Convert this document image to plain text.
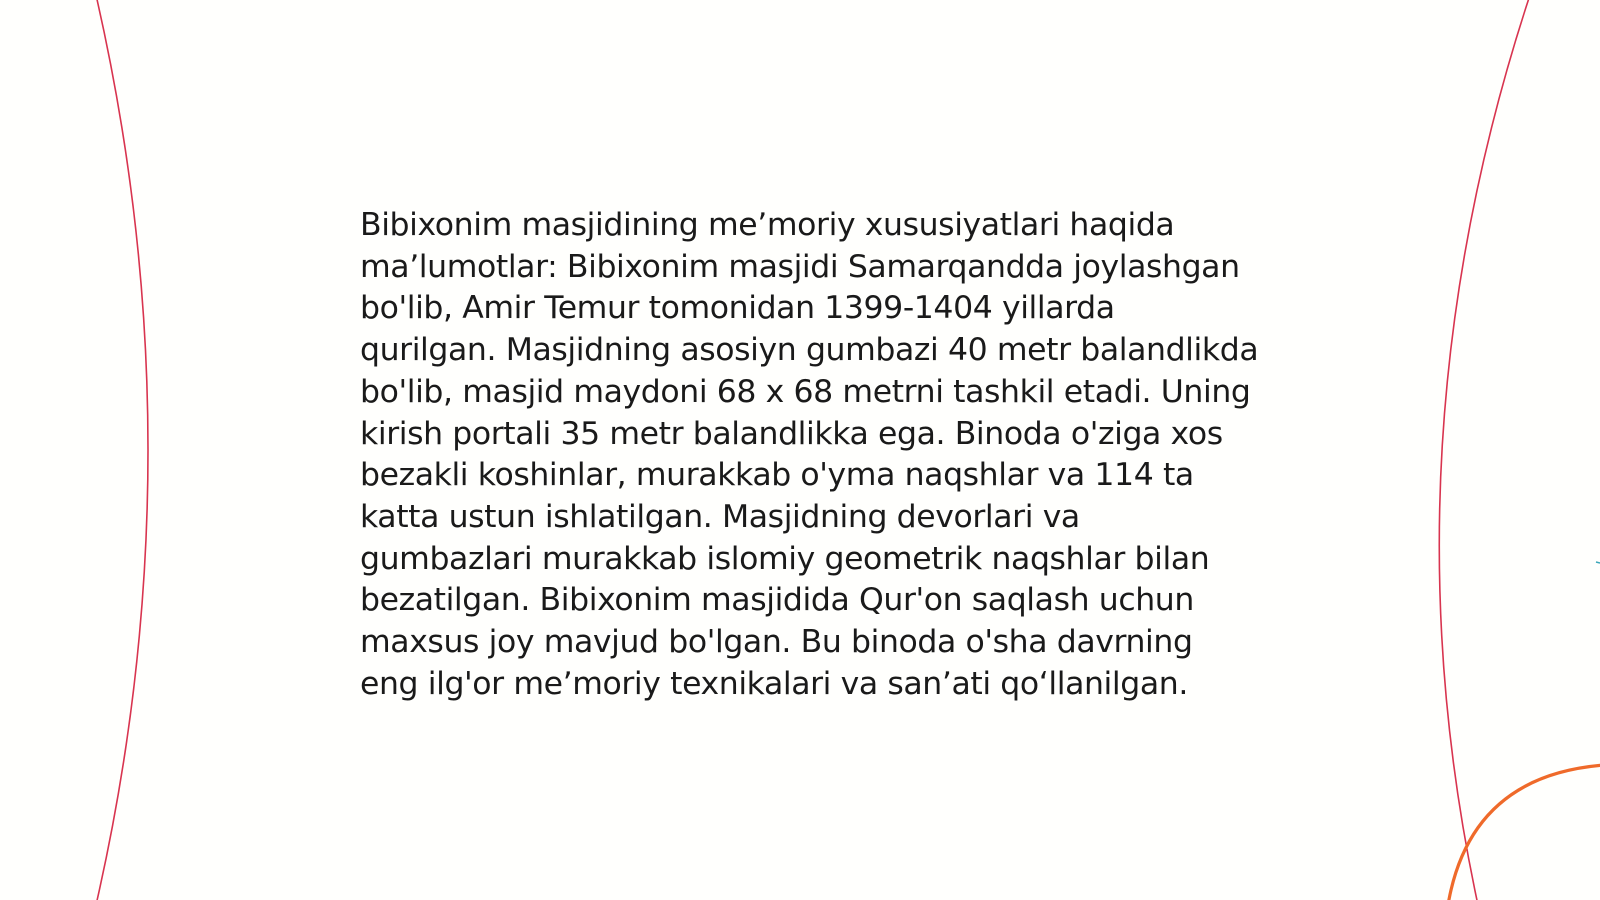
Bibixonim masjidining me’moriy xususiyatlari haqida ma’lumotlar: Bibixonim masjidi Samarqandda joylashgan bo'lib, Amir Temur tomonidan 1399-1404 yillarda qurilgan. Masjidning asosiyn gumbazi 40 metr balandlikda bo'lib, masjid maydoni 68 x 68 metrni tashkil etadi. Uning kirish portali 35 metr balandlikka ega. Binoda o'ziga xos bezakli koshinlar, murakkab o'yma naqshlar va 114 ta katta ustun ishlatilgan. Masjidning devorlari va gumbazlari murakkab islomiy geometrik naqshlar bilan bezatilgan. Bibixonim masjidida Qur'on saqlash uchun maxsus joy mavjud bo'lgan. Bu binoda o'sha davrning eng ilg'or me’moriy texnikalari va san’ati qo‘llanilgan.
